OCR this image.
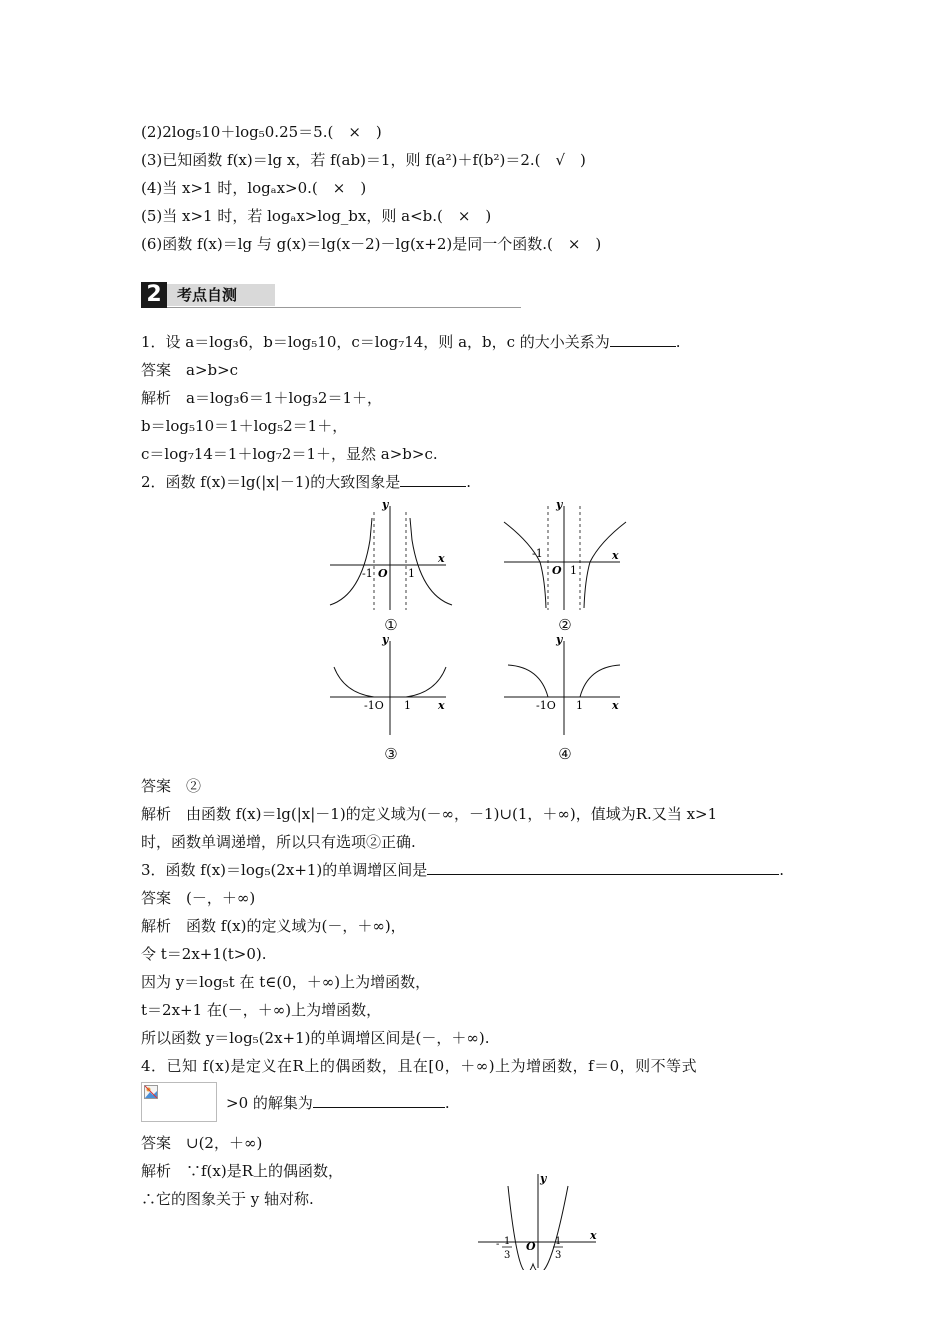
(2)2log₅10＋log₅0.25＝5.(　×　)
(3)已知函数 f(x)＝lg x，若 f(ab)＝1，则 f(a²)＋f(b²)＝2.(　√　)
(4)当 x>1 时，logₐx>0.(　×　)
(5)当 x>1 时，若 logₐx>log_bx，则 a<b.(　×　)
(6)函数 f(x)＝lg 与 g(x)＝lg(x－2)－lg(x+2)是同一个函数.(　×　)
2	考点自测
1．设 a＝log₃6，b＝log₅10，c＝log₇14，则 a，b，c 的大小关系为	.
答案　a>b>c
解析　a＝log₃6＝1＋log₃2＝1＋，
b＝log₅10＝1＋log₅2＝1＋，
c＝log₇14＝1＋log₇2＝1＋，显然 a>b>c.
2．函数 f(x)＝lg(|x|－1)的大致图象是	.
y
x
-1 O 1
①
y
x
-1
O 1
②
y
x
-1O 1
③
y
x
-1O 1
④
答案　②
解析　由函数 f(x)＝lg(|x|－1)的定义域为(－∞，－1)∪(1，＋∞)，值域为R.又当 x>1
时，函数单调递增，所以只有选项②正确.
3．函数 f(x)＝log₅(2x+1)的单调增区间是	.
答案　(－，＋∞)
解析　函数 f(x)的定义域为(－，＋∞)，
令 t＝2x+1(t>0).
因为 y＝log₅t 在 t∈(0，＋∞)上为增函数，
t＝2x+1 在(－，＋∞)上为增函数，
所以函数 y＝log₅(2x+1)的单调增区间是(－，＋∞).
4．已知 f(x)是定义在R上的偶函数，且在[0，＋∞)上为增函数，f＝0，则不等式
>0 的解集为	.
答案　∪(2，＋∞)
解析　∵f(x)是R上的偶函数，
∴它的图象关于 y 轴对称.
y
x
O
- 1
3
1
3
